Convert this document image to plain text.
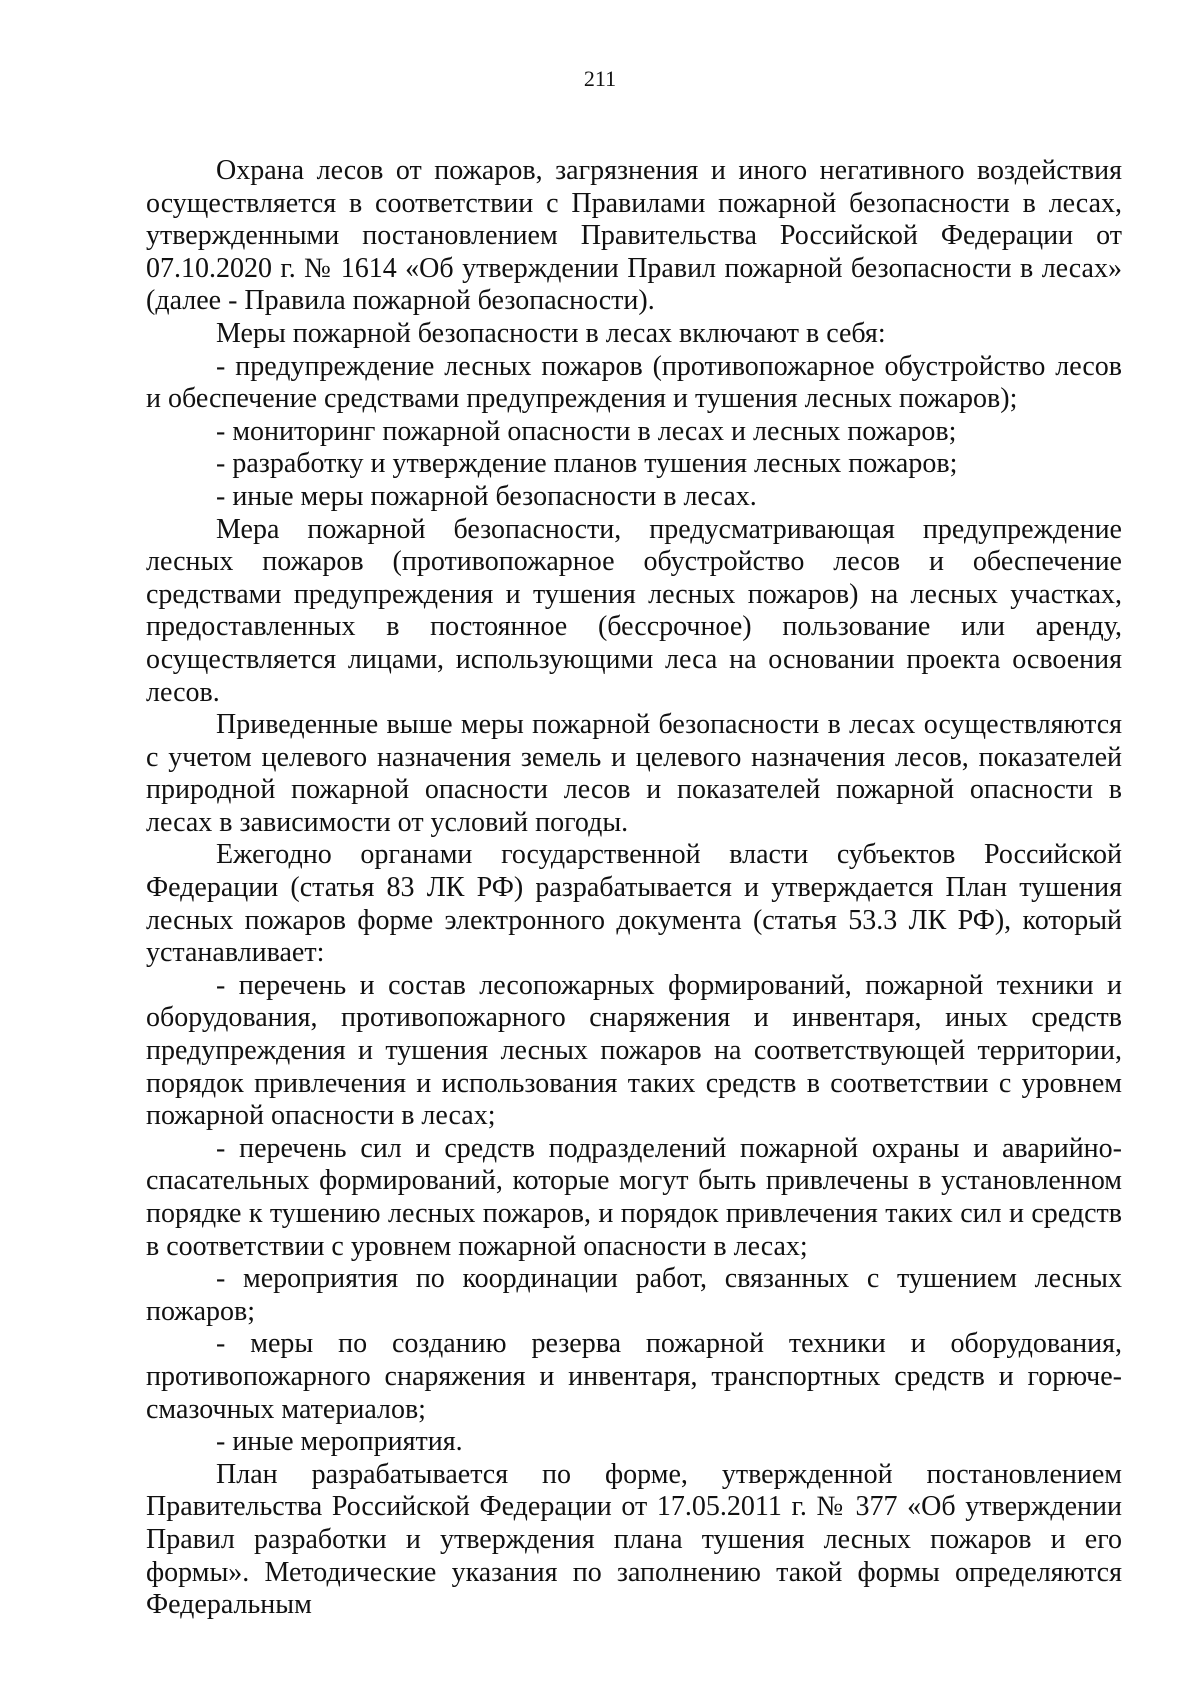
211

Охрана лесов от пожаров, загрязнения и иного негативного воздействия осуществляется в соответствии с Правилами пожарной безопасности в лесах, утвержденными постановлением Правительства Российской Федерации от 07.10.2020 г. № 1614 «Об утверждении Правил пожарной безопасности в лесах» (далее - Правила пожарной безопасности).

Меры пожарной безопасности в лесах включают в себя:

- предупреждение лесных пожаров (противопожарное обустройство лесов и обеспечение средствами предупреждения и тушения лесных пожаров);

- мониторинг пожарной опасности в лесах и лесных пожаров;

- разработку и утверждение планов тушения лесных пожаров;

- иные меры пожарной безопасности в лесах.

Мера пожарной безопасности, предусматривающая предупреждение лесных пожаров (противопожарное обустройство лесов и обеспечение средствами предупреждения и тушения лесных пожаров) на лесных участках, предоставленных в постоянное (бессрочное) пользование или аренду, осуществляется лицами, использующими леса на основании проекта освоения лесов.

Приведенные выше меры пожарной безопасности в лесах осуществляются с учетом целевого назначения земель и целевого назначения лесов, показателей природной пожарной опасности лесов и показателей пожарной опасности в лесах в зависимости от условий погоды.

Ежегодно органами государственной власти субъектов Российской Федерации (статья 83 ЛК РФ) разрабатывается и утверждается План тушения лесных пожаров форме электронного документа (статья 53.3 ЛК РФ), который устанавливает:

- перечень и состав лесопожарных формирований, пожарной техники и оборудования, противопожарного снаряжения и инвентаря, иных средств предупреждения и тушения лесных пожаров на соответствующей территории, порядок привлечения и использования таких средств в соответствии с уровнем пожарной опасности в лесах;

- перечень сил и средств подразделений пожарной охраны и аварийно-спасательных формирований, которые могут быть привлечены в установленном порядке к тушению лесных пожаров, и порядок привлечения таких сил и средств в соответствии с уровнем пожарной опасности в лесах;

- мероприятия по координации работ, связанных с тушением лесных пожаров;

- меры по созданию резерва пожарной техники и оборудования, противопожарного снаряжения и инвентаря, транспортных средств и горюче-смазочных материалов;

- иные мероприятия.

План разрабатывается по форме, утвержденной постановлением Правительства Российской Федерации от 17.05.2011 г. № 377 «Об утверждении Правил разработки и утверждения плана тушения лесных пожаров и его формы». Методические указания по заполнению такой формы определяются Федеральным
